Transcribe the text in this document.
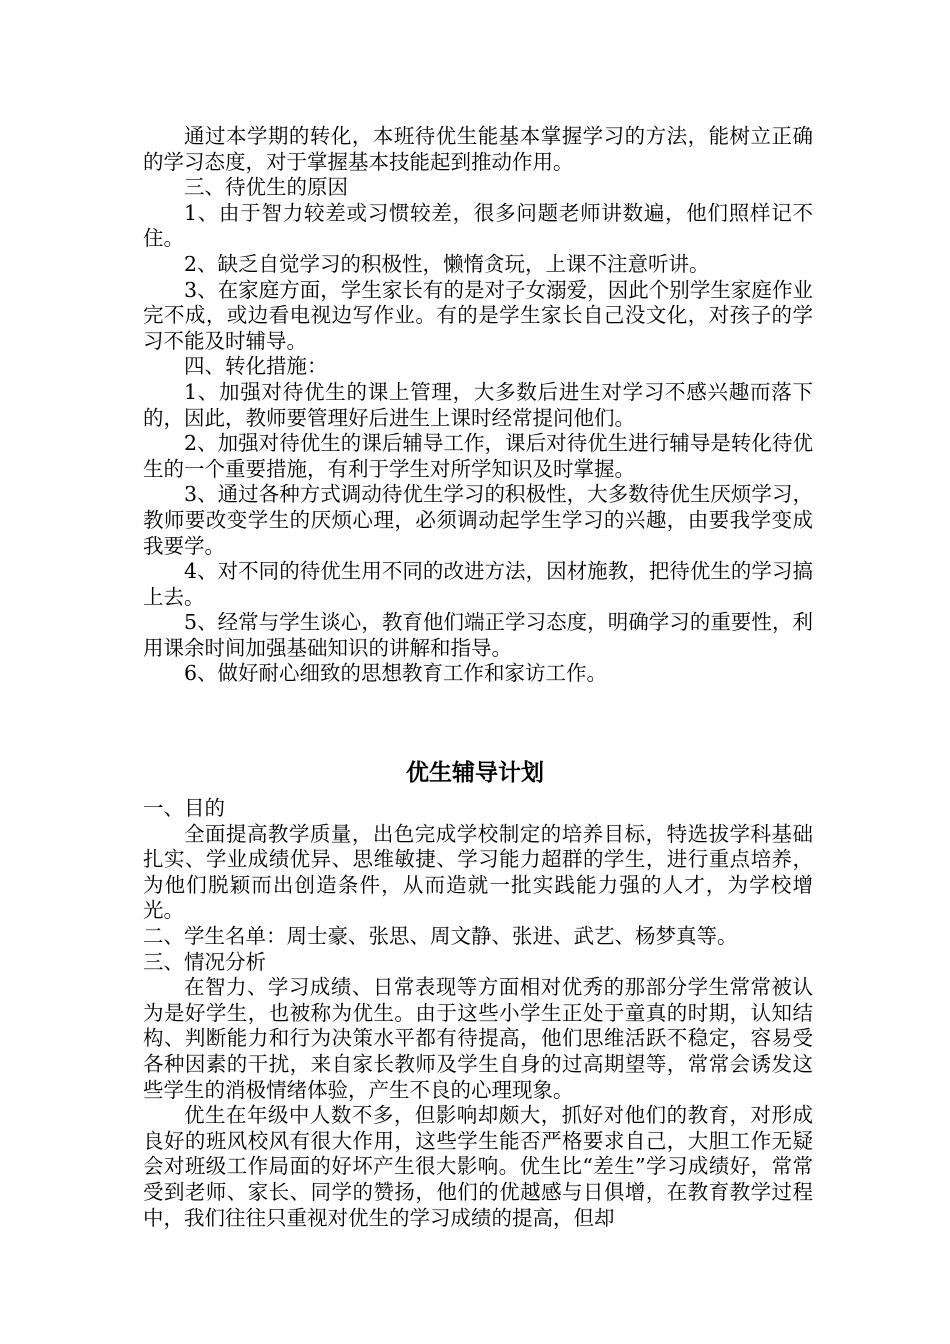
通过本学期的转化，本班待优生能基本掌握学习的方法，能树立正确的学习态度，对于掌握基本技能起到推动作用。

三、待优生的原因

1、由于智力较差或习惯较差，很多问题老师讲数遍，他们照样记不住。

2、缺乏自觉学习的积极性，懒惰贪玩，上课不注意听讲。

3、在家庭方面，学生家长有的是对子女溺爱，因此个别学生家庭作业完不成，或边看电视边写作业。有的是学生家长自己没文化，对孩子的学习不能及时辅导。

四、转化措施：

1、加强对待优生的课上管理，大多数后进生对学习不感兴趣而落下的，因此，教师要管理好后进生上课时经常提问他们。

2、加强对待优生的课后辅导工作，课后对待优生进行辅导是转化待优生的一个重要措施，有利于学生对所学知识及时掌握。

3、通过各种方式调动待优生学习的积极性，大多数待优生厌烦学习，教师要改变学生的厌烦心理，必须调动起学生学习的兴趣，由要我学变成我要学。

4、对不同的待优生用不同的改进方法，因材施教，把待优生的学习搞上去。

5、经常与学生谈心，教育他们端正学习态度，明确学习的重要性，利用课余时间加强基础知识的讲解和指导。

6、做好耐心细致的思想教育工作和家访工作。

优生辅导计划

一、目的

全面提高教学质量，出色完成学校制定的培养目标，特选拔学科基础扎实、学业成绩优异、思维敏捷、学习能力超群的学生，进行重点培养，为他们脱颖而出创造条件，从而造就一批实践能力强的人才，为学校增光。

二、学生名单：周士豪、张思、周文静、张进、武艺、杨梦真等。

三、情况分析

在智力、学习成绩、日常表现等方面相对优秀的那部分学生常常被认为是好学生，也被称为优生。由于这些小学生正处于童真的时期，认知结构、判断能力和行为决策水平都有待提高，他们思维活跃不稳定，容易受各种因素的干扰，来自家长教师及学生自身的过高期望等，常常会诱发这些学生的消极情绪体验，产生不良的心理现象。

优生在年级中人数不多，但影响却颇大，抓好对他们的教育，对形成良好的班风校风有很大作用，这些学生能否严格要求自己，大胆工作无疑会对班级工作局面的好坏产生很大影响。优生比“差生”学习成绩好，常常受到老师、家长、同学的赞扬，他们的优越感与日俱增，在教育教学过程中，我们往往只重视对优生的学习成绩的提高，但却
